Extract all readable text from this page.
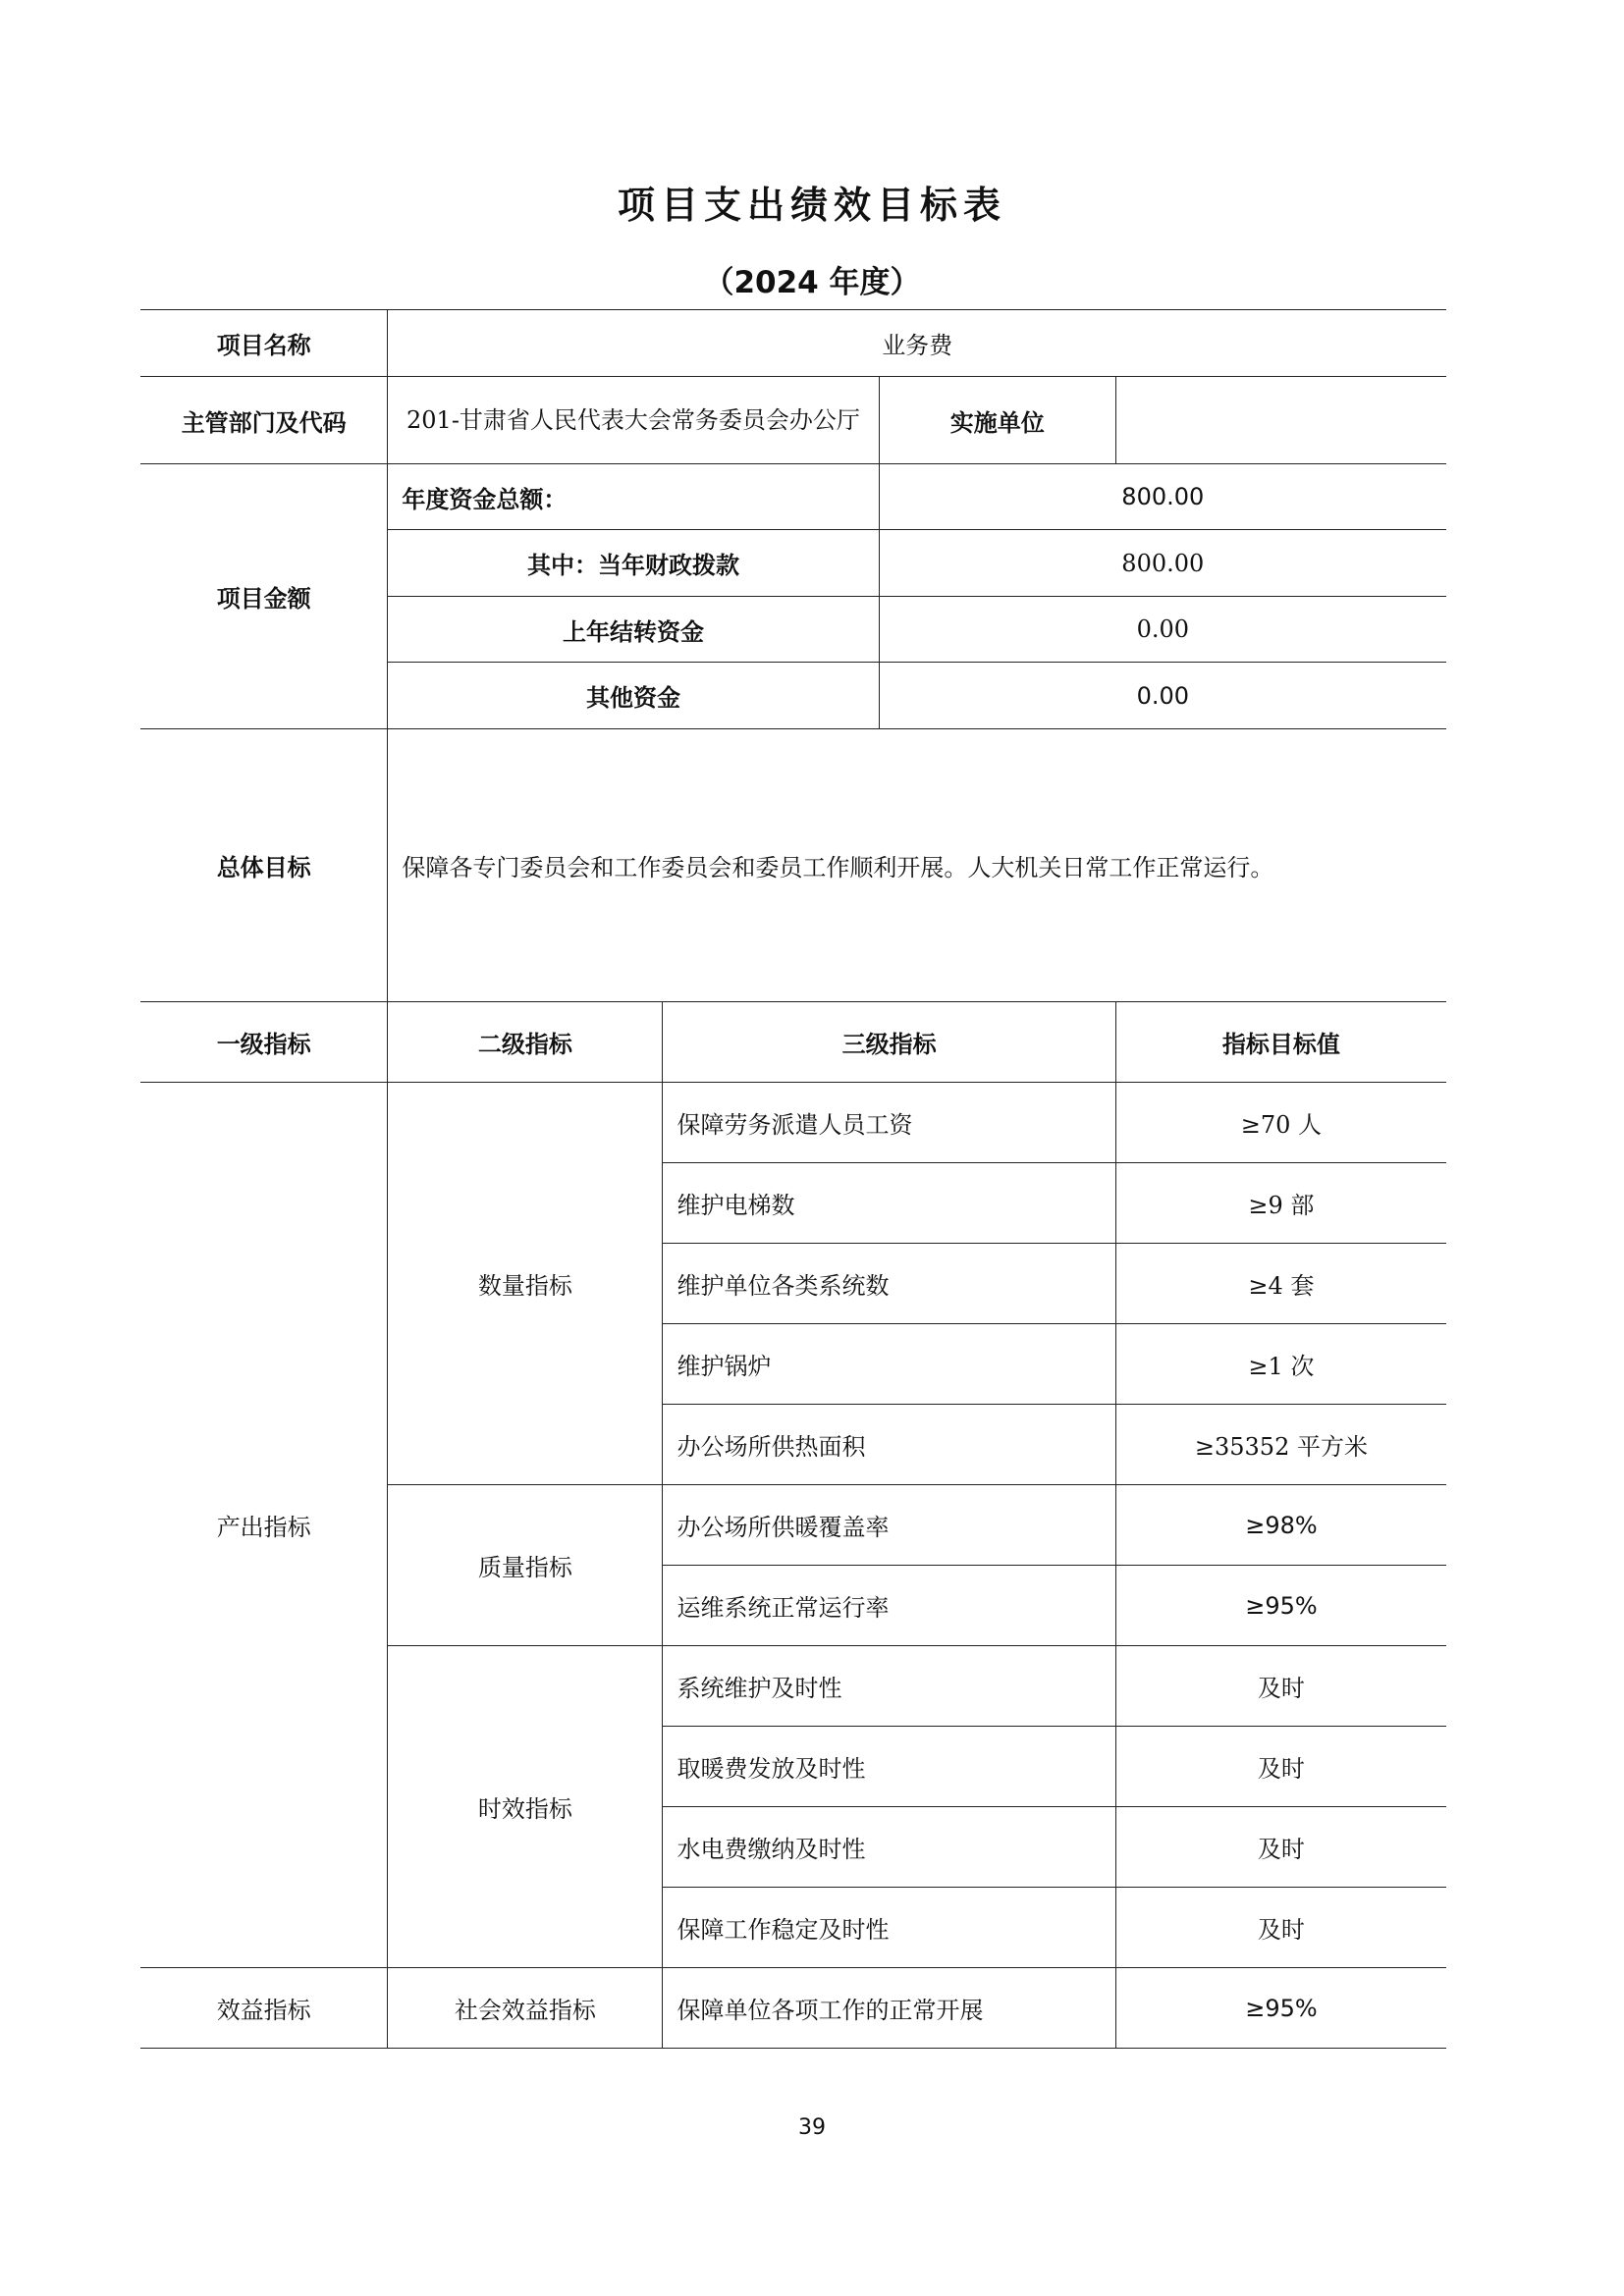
项目支出绩效目标表
（2024 年度）
项目名称	业务费			
主管部门及代码	201-甘肃省人民代表大会常务委员会办公厅		实施单位	
项目金额	年度资金总额：		800.00	
	其中：当年财政拨款		800.00	
	上年结转资金		0.00	
	其他资金		0.00	
总体目标	保障各专门委员会和工作委员会和委员工作顺利开展。人大机关日常工作正常运行。			
一级指标	二级指标	三级指标		指标目标值
产出指标	数量指标	保障劳务派遣人员工资		≥70 人
		维护电梯数		≥9 部
		维护单位各类系统数		≥4 套
		维护锅炉		≥1 次
		办公场所供热面积		≥35352 平方米
	质量指标	办公场所供暖覆盖率		≥98%
		运维系统正常运行率		≥95%
	时效指标	系统维护及时性		及时
		取暖费发放及时性		及时
		水电费缴纳及时性		及时
		保障工作稳定及时性		及时
效益指标	社会效益指标	保障单位各项工作的正常开展		≥95%
39
